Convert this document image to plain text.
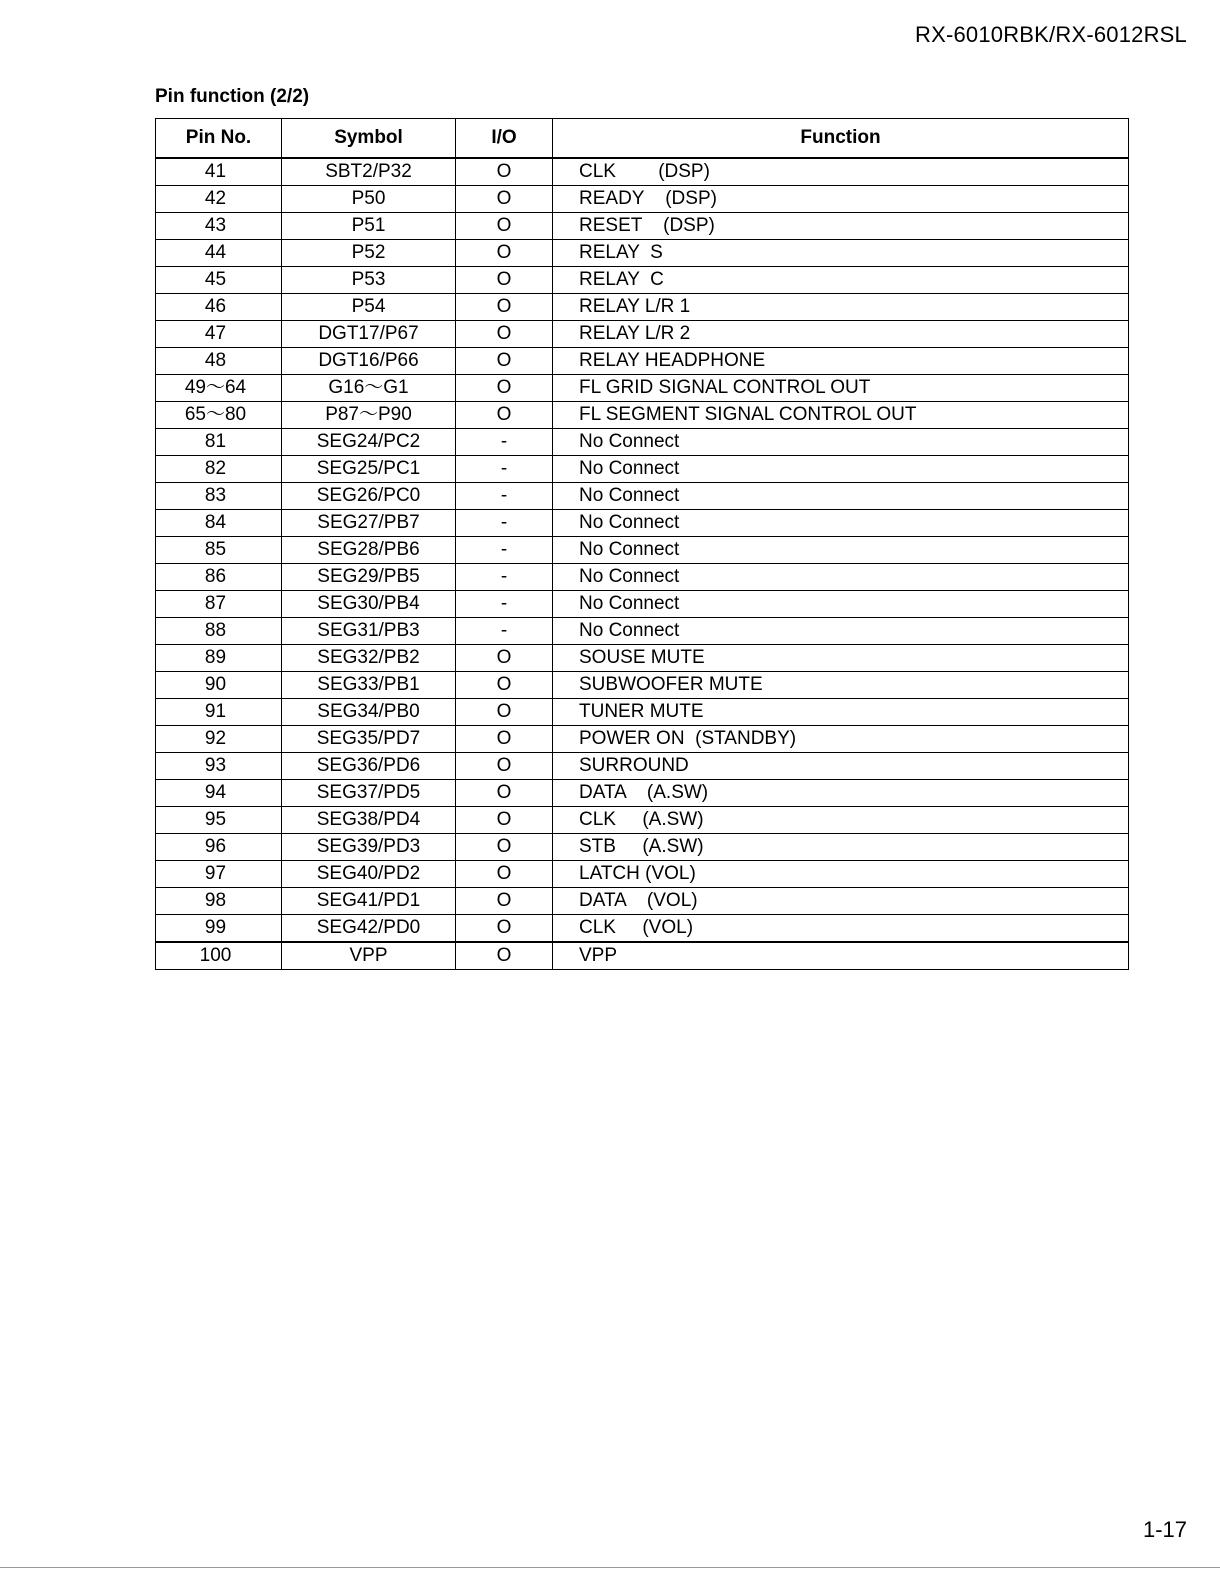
RX-6010RBK/RX-6012RSL
Pin function (2/2)
Pin No.	Symbol	I/O	Function
41	SBT2/P32	O	CLK        (DSP)
42	P50	O	READY    (DSP)
43	P51	O	RESET    (DSP)
44	P52	O	RELAY  S
45	P53	O	RELAY  C
46	P54	O	RELAY L/R 1
47	DGT17/P67	O	RELAY L/R 2
48	DGT16/P66	O	RELAY HEADPHONE
49～64	G16～G1	O	FL GRID SIGNAL CONTROL OUT
65～80	P87～P90	O	FL SEGMENT SIGNAL CONTROL OUT
81	SEG24/PC2	-	No Connect
82	SEG25/PC1	-	No Connect
83	SEG26/PC0	-	No Connect
84	SEG27/PB7	-	No Connect
85	SEG28/PB6	-	No Connect
86	SEG29/PB5	-	No Connect
87	SEG30/PB4	-	No Connect
88	SEG31/PB3	-	No Connect
89	SEG32/PB2	O	SOUSE MUTE
90	SEG33/PB1	O	SUBWOOFER MUTE
91	SEG34/PB0	O	TUNER MUTE
92	SEG35/PD7	O	POWER ON  (STANDBY)
93	SEG36/PD6	O	SURROUND
94	SEG37/PD5	O	DATA    (A.SW)
95	SEG38/PD4	O	CLK     (A.SW)
96	SEG39/PD3	O	STB     (A.SW)
97	SEG40/PD2	O	LATCH (VOL)
98	SEG41/PD1	O	DATA    (VOL)
99	SEG42/PD0	O	CLK     (VOL)
100	VPP	O	VPP
1-17
